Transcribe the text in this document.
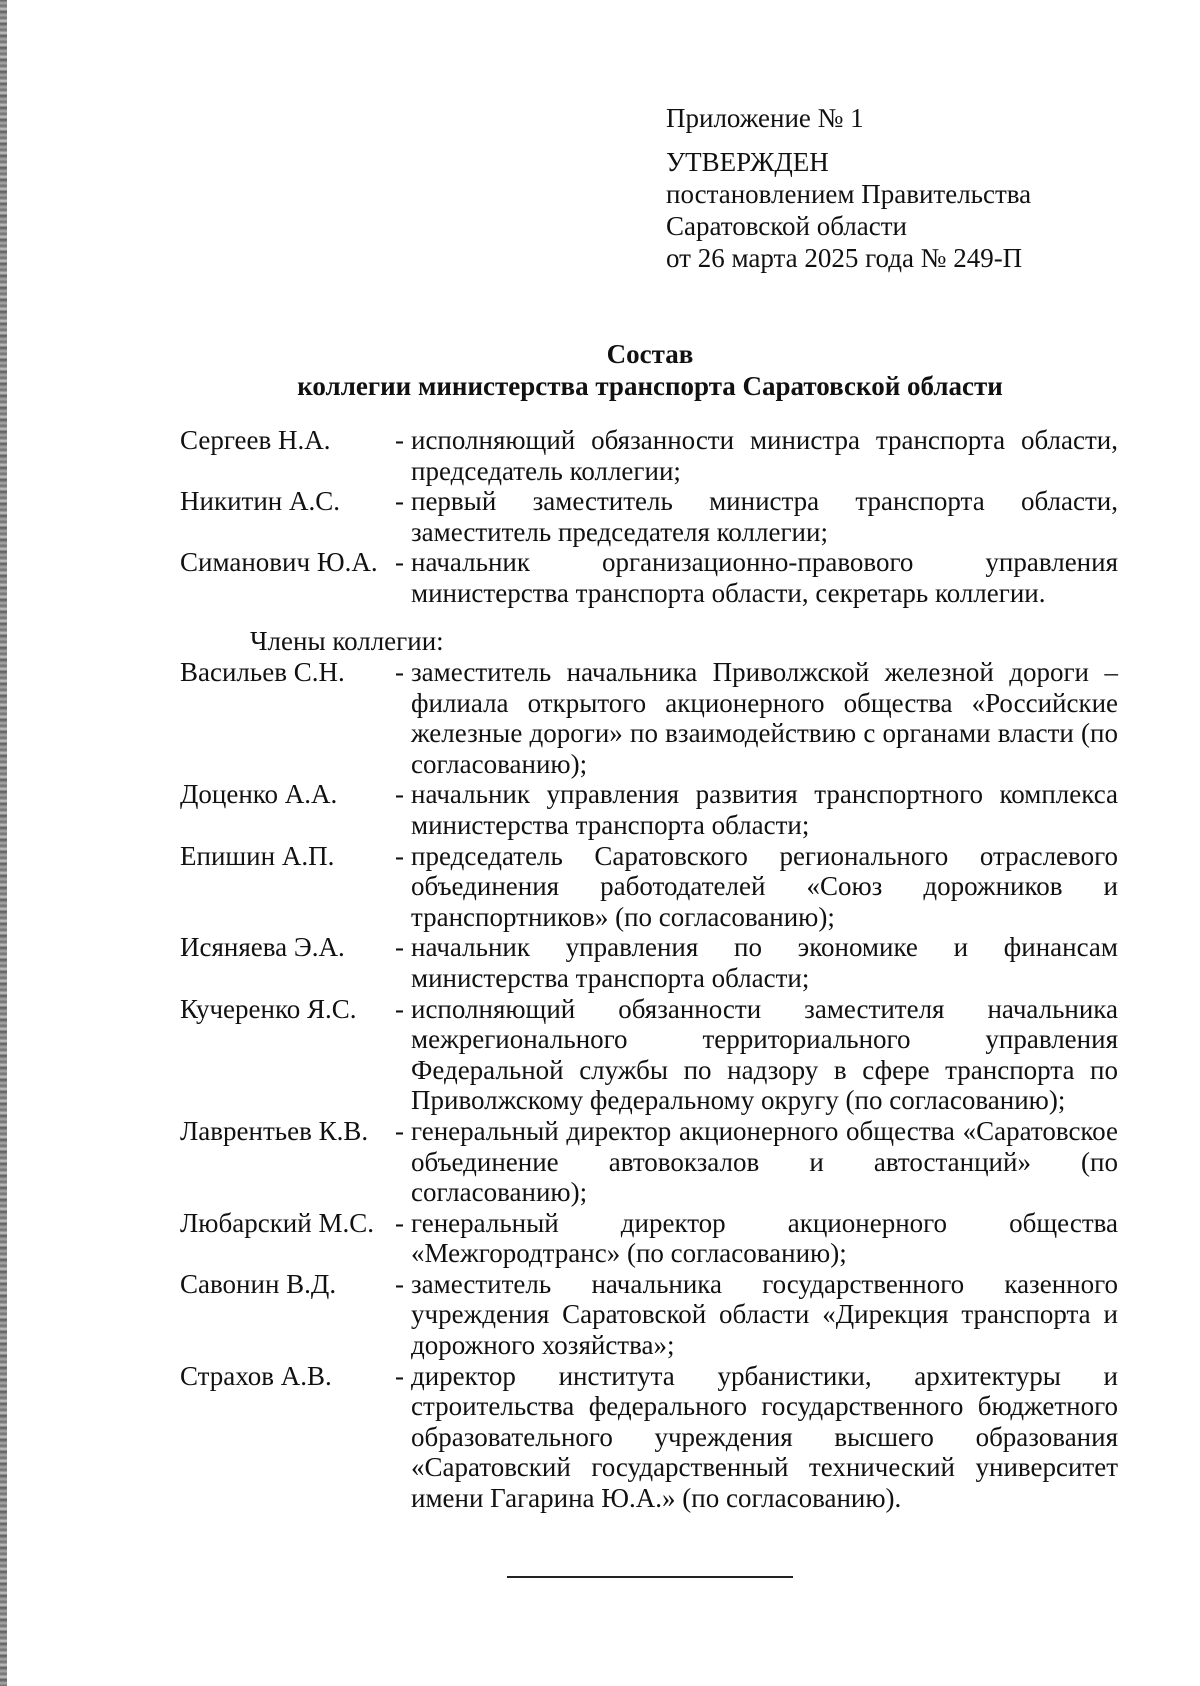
Приложение № 1

УТВЕРЖДЕН

постановлением Правительства

Саратовской области

от 26 марта 2025 года № 249-П

Состав
коллегии министерства транспорта Саратовской области
Сергеев Н.А.	- исполняющий обязанности министра транспорта области, председатель коллегии;
Никитин А.С.	- первый заместитель министра транспорта области, заместитель председателя коллегии;
Симанович Ю.А. - начальник организационно-правового управления министерства транспорта области, секретарь коллегии.
Члены коллегии:
Васильев С.Н.	- заместитель начальника Приволжской железной дороги – филиала открытого акционерного общества «Российские железные дороги» по взаимодействию с органами власти (по согласованию);
Доценко А.А.	- начальник управления развития транспортного комплекса министерства транспорта области;
Епишин А.П.	- председатель Саратовского регионального отраслевого объединения работодателей «Союз дорожников и транспортников» (по согласованию);
Исяняева Э.А.	- начальник управления по экономике и финансам министерства транспорта области;
Кучеренко Я.С.	- исполняющий обязанности заместителя начальника межрегионального территориального управления Федеральной службы по надзору в сфере транспорта по Приволжскому федеральному округу (по согласованию);
Лаврентьев К.В. - генеральный директор акционерного общества «Саратовское объединение автовокзалов и автостанций» (по согласованию);
Любарский М.С. - генеральный директор акционерного общества «Межгородтранс» (по согласованию);
Савонин В.Д.	- заместитель начальника государственного казенного учреждения Саратовской области «Дирекция транспорта и дорожного хозяйства»;
Страхов А.В.	- директор института урбанистики, архитектуры и строительства федерального государственного бюджетного образовательного учреждения высшего образования «Саратовский государственный технический университет имени Гагарина Ю.А.» (по согласованию).
